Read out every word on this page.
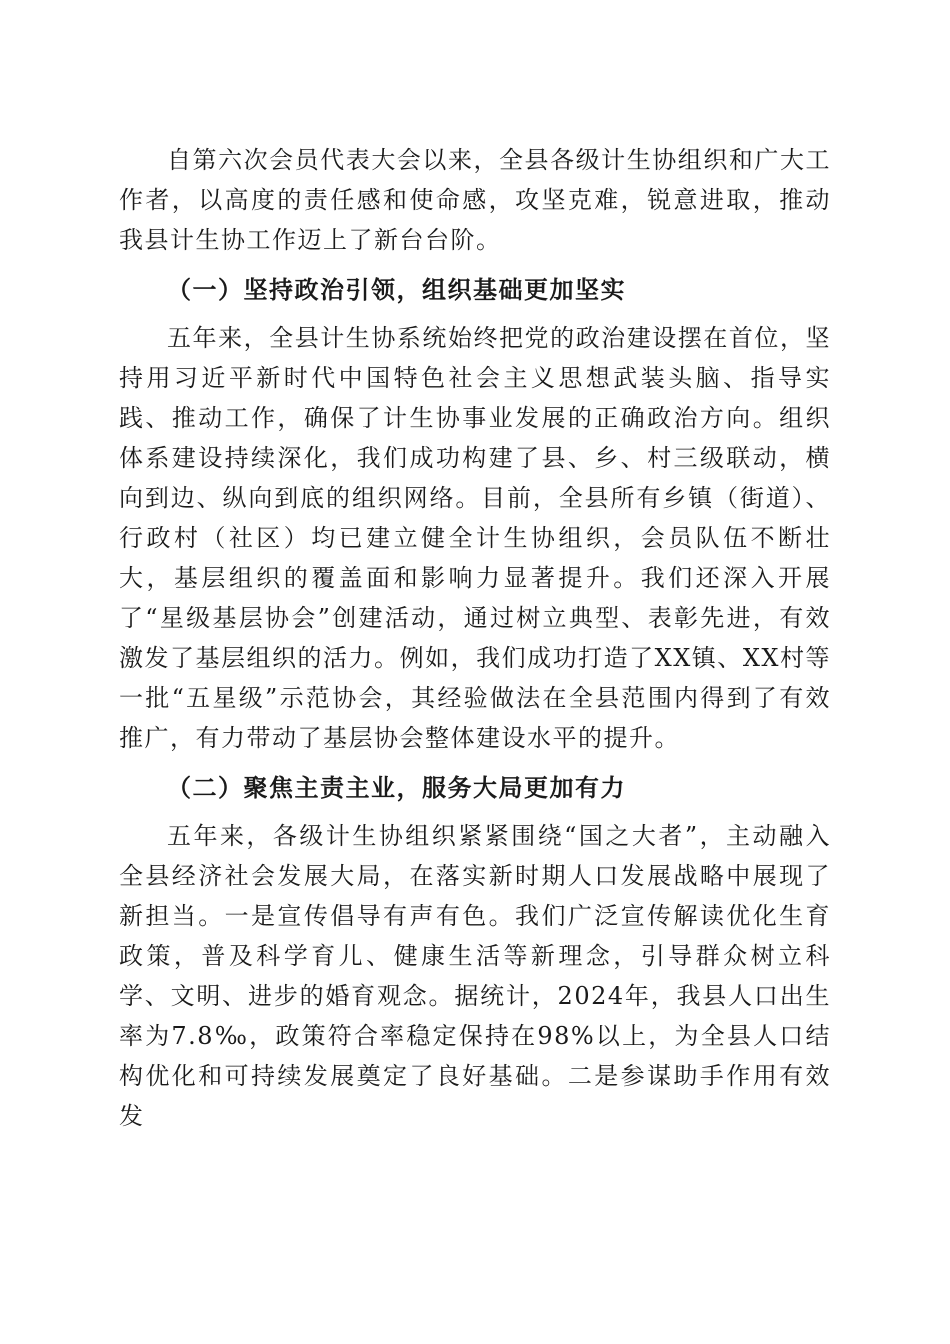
自第六次会员代表大会以来，全县各级计生协组织和广大工作者，以高度的责任感和使命感，攻坚克难，锐意进取，推动我县计生协工作迈上了新台台阶。

（一）坚持政治引领，组织基础更加坚实

五年来，全县计生协系统始终把党的政治建设摆在首位，坚持用习近平新时代中国特色社会主义思想武装头脑、指导实践、推动工作，确保了计生协事业发展的正确政治方向。组织体系建设持续深化，我们成功构建了县、乡、村三级联动，横向到边、纵向到底的组织网络。目前，全县所有乡镇（街道）、行政村（社区）均已建立健全计生协组织，会员队伍不断壮大，基层组织的覆盖面和影响力显著提升。我们还深入开展了“星级基层协会”创建活动，通过树立典型、表彰先进，有效激发了基层组织的活力。例如，我们成功打造了XX镇、XX村等一批“五星级”示范协会，其经验做法在全县范围内得到了有效推广，有力带动了基层协会整体建设水平的提升。

（二）聚焦主责主业，服务大局更加有力

五年来，各级计生协组织紧紧围绕“国之大者”，主动融入全县经济社会发展大局，在落实新时期人口发展战略中展现了新担当。一是宣传倡导有声有色。我们广泛宣传解读优化生育政策，普及科学育儿、健康生活等新理念，引导群众树立科学、文明、进步的婚育观念。据统计，2024年，我县人口出生率为7.8‰，政策符合率稳定保持在98%以上，为全县人口结构优化和可持续发展奠定了良好基础。二是参谋助手作用有效发
